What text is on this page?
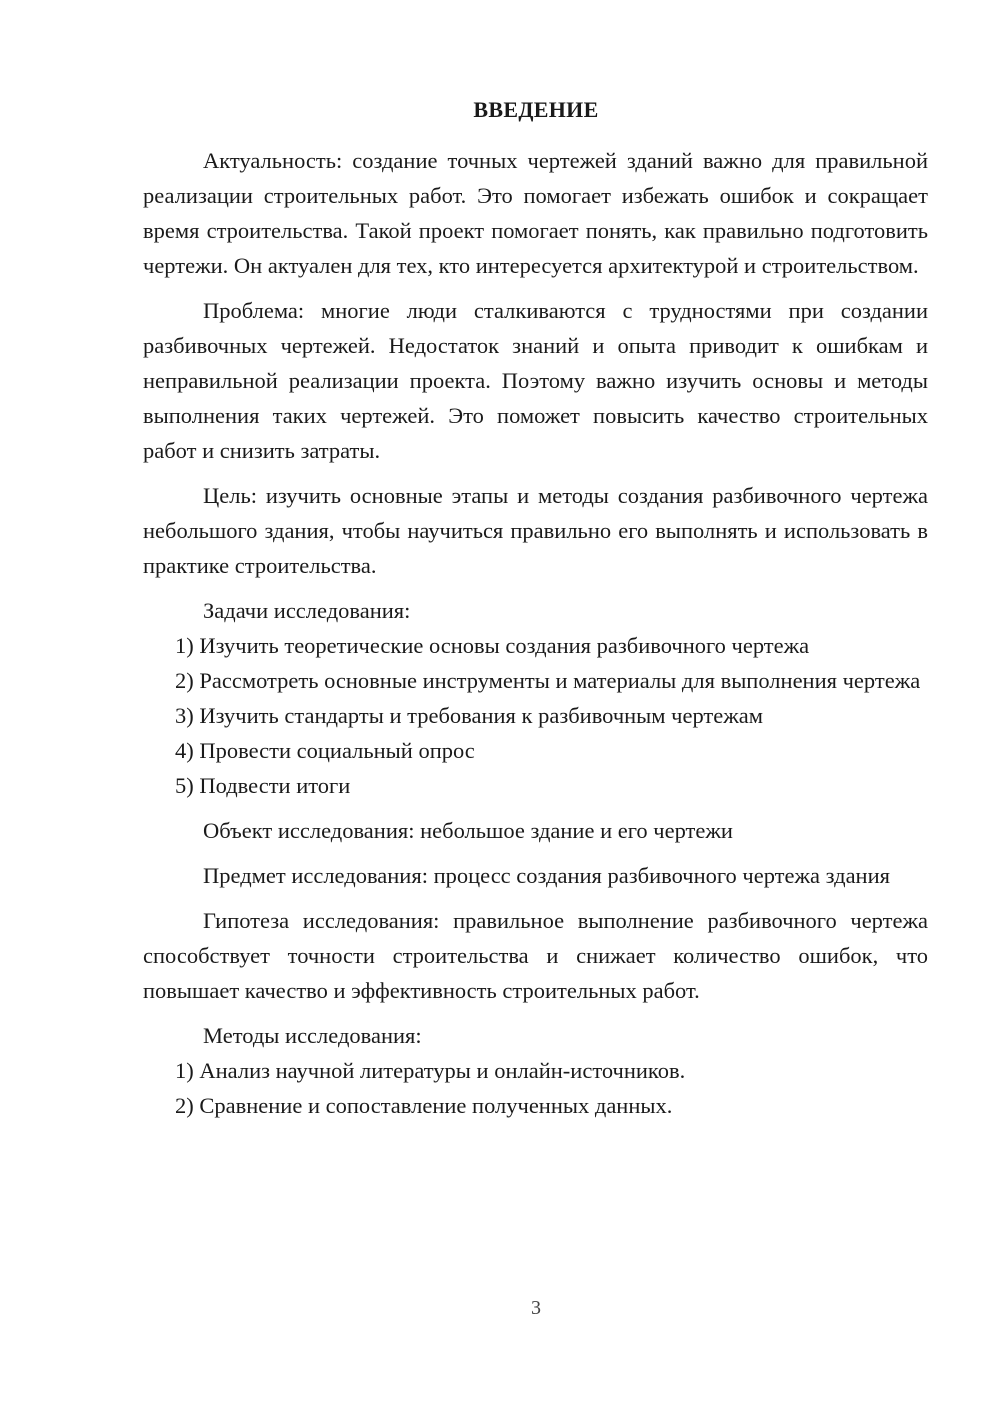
ВВЕДЕНИЕ

Актуальность: создание точных чертежей зданий важно для правильной реализации строительных работ. Это помогает избежать ошибок и сокращает время строительства. Такой проект помогает понять, как правильно подготовить чертежи. Он актуален для тех, кто интересуется архитектурой и строительством.

Проблема: многие люди сталкиваются с трудностями при создании разбивочных чертежей. Недостаток знаний и опыта приводит к ошибкам и неправильной реализации проекта. Поэтому важно изучить основы и методы выполнения таких чертежей. Это поможет повысить качество строительных работ и снизить затраты.

Цель: изучить основные этапы и методы создания разбивочного чертежа небольшого здания, чтобы научиться правильно его выполнять и использовать в практике строительства.

Задачи исследования:

1) Изучить теоретические основы создания разбивочного чертежа

2) Рассмотреть основные инструменты и материалы для выполнения чертежа

3) Изучить стандарты и требования к разбивочным чертежам

4) Провести социальный опрос

5) Подвести итоги

Объект исследования: небольшое здание и его чертежи

Предмет исследования: процесс создания разбивочного чертежа здания

Гипотеза исследования: правильное выполнение разбивочного чертежа способствует точности строительства и снижает количество ошибок, что повышает качество и эффективность строительных работ.

Методы исследования:

1) Анализ научной литературы и онлайн-источников.

2) Сравнение и сопоставление полученных данных.

3
